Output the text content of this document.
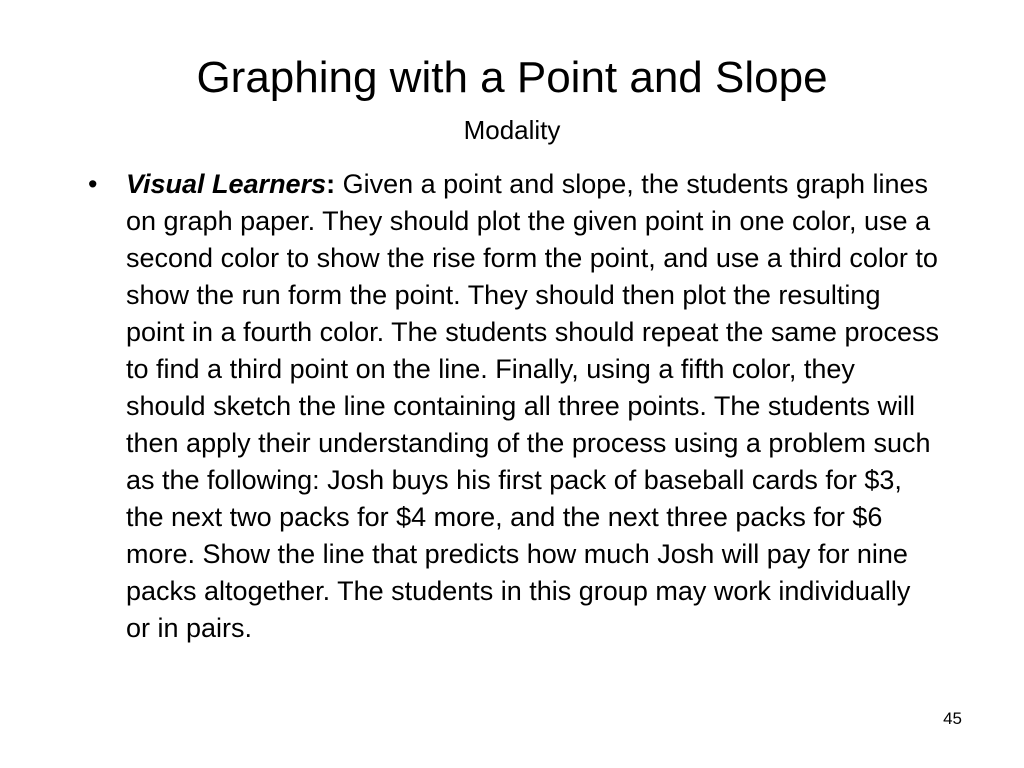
Graphing with a Point and Slope
Modality
• Visual Learners: Given a point and slope, the students graph lines on graph paper. They should plot the given point in one color, use a second color to show the rise form the point, and use a third color to show the run form the point. They should then plot the resulting point in a fourth color. The students should repeat the same process to find a third point on the line. Finally, using a fifth color, they should sketch the line containing all three points. The students will then apply their understanding of the process using a problem such as the following: Josh buys his first pack of baseball cards for $3, the next two packs for $4 more, and the next three packs for $6 more. Show the line that predicts how much Josh will pay for nine packs altogether. The students in this group may work individually or in pairs.
45
